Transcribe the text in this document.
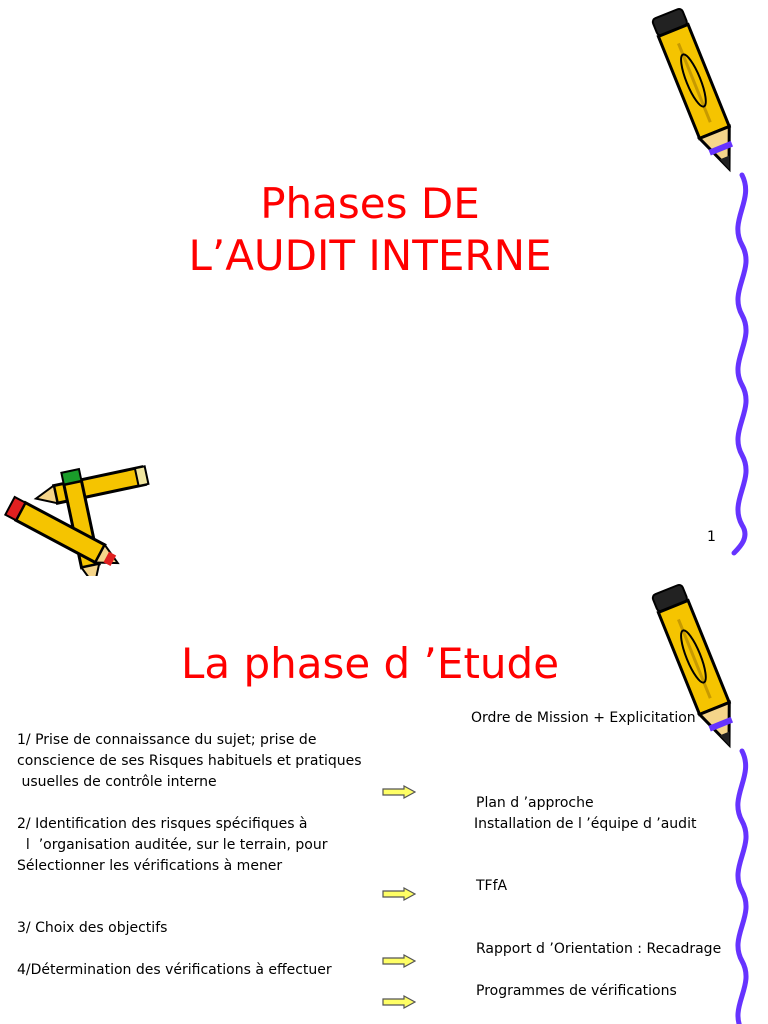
Phases DE
L’AUDIT INTERNE
1
La phase d ’Etude
1/ Prise de connaissance du sujet; prise de
conscience de ses Risques habituels et pratiques
usuelles de contrôle interne
2/ Identification des risques spécifiques à
l  ’organisation auditée, sur le terrain, pour
Sélectionner les vérifications à mener
3/ Choix des objectifs
4/Détermination des vérifications à effectuer
Ordre de Mission + Explicitation
Plan d ’approche
Installation de l ’équipe d ’audit
TFfA
Rapport d ’Orientation : Recadrage
Programmes de vérifications
